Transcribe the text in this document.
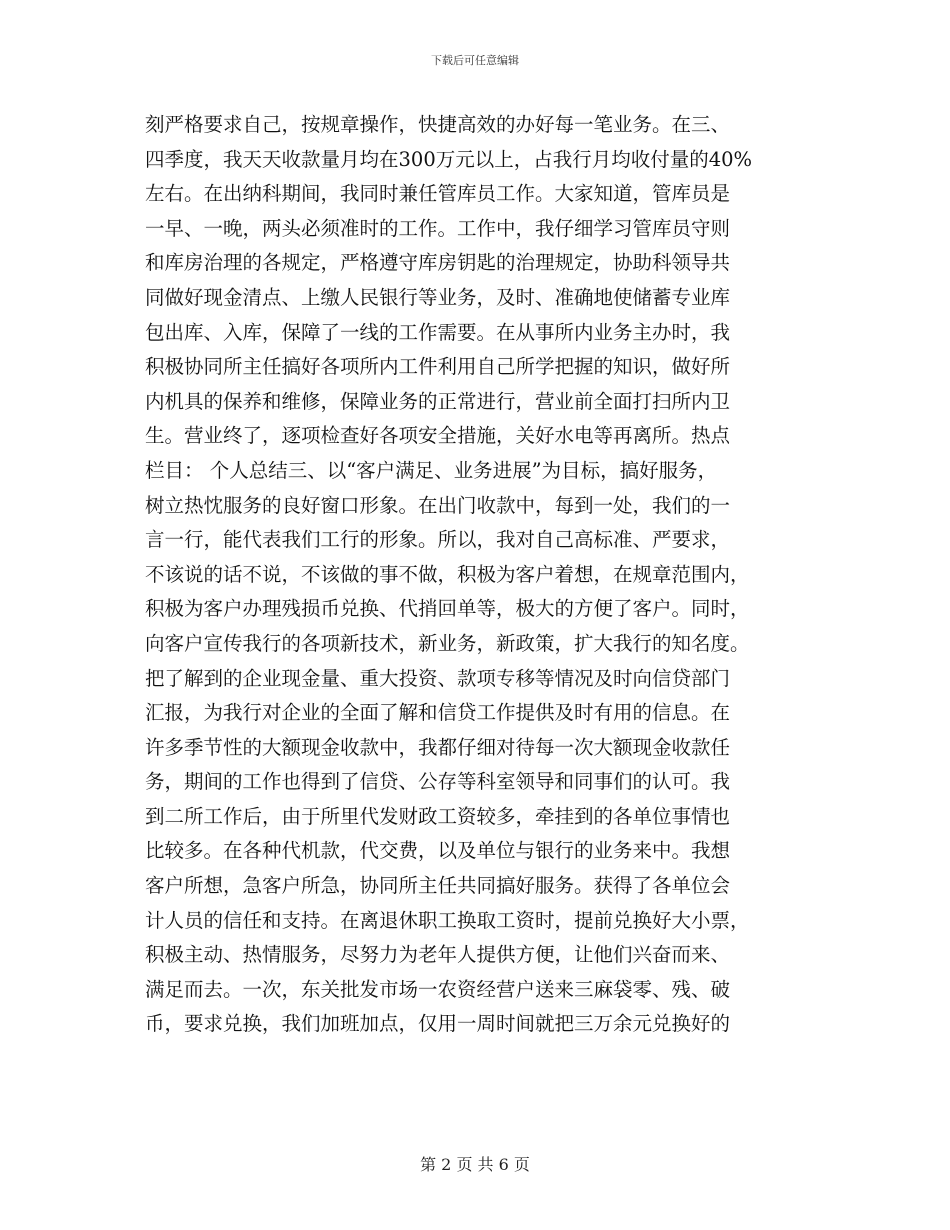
下载后可任意编辑
刻严格要求自己，按规章操作，快捷高效的办好每一笔业务。在三、
四季度，我天天收款量月均在300万元以上，占我行月均收付量的40%
左右。在出纳科期间，我同时兼任管库员工作。大家知道，管库员是
一早、一晚，两头必须准时的工作。工作中，我仔细学习管库员守则
和库房治理的各规定，严格遵守库房钥匙的治理规定，协助科领导共
同做好现金清点、上缴人民银行等业务，及时、准确地使储蓄专业库
包出库、入库，保障了一线的工作需要。在从事所内业务主办时，我
积极协同所主任搞好各项所内工件利用自己所学把握的知识，做好所
内机具的保养和维修，保障业务的正常进行，营业前全面打扫所内卫
生。营业终了，逐项检查好各项安全措施，关好水电等再离所。热点
栏目： 个人总结三、以“客户满足、业务进展”为目标，搞好服务，
树立热忱服务的良好窗口形象。在出门收款中，每到一处，我们的一
言一行，能代表我们工行的形象。所以，我对自己高标准、严要求，
不该说的话不说，不该做的事不做，积极为客户着想，在规章范围内，
积极为客户办理残损币兑换、代捎回单等，极大的方便了客户。同时，
向客户宣传我行的各项新技术，新业务，新政策，扩大我行的知名度。
把了解到的企业现金量、重大投资、款项专移等情况及时向信贷部门
汇报，为我行对企业的全面了解和信贷工作提供及时有用的信息。在
许多季节性的大额现金收款中，我都仔细对待每一次大额现金收款任
务，期间的工作也得到了信贷、公存等科室领导和同事们的认可。我
到二所工作后，由于所里代发财政工资较多，牵挂到的各单位事情也
比较多。在各种代机款，代交费，以及单位与银行的业务来中。我想
客户所想，急客户所急，协同所主任共同搞好服务。获得了各单位会
计人员的信任和支持。在离退休职工换取工资时，提前兑换好大小票，
积极主动、热情服务，尽努力为老年人提供方便，让他们兴奋而来、
满足而去。一次，东关批发市场一农资经营户送来三麻袋零、残、破
币，要求兑换，我们加班加点，仅用一周时间就把三万余元兑换好的
第 2 页 共 6 页
